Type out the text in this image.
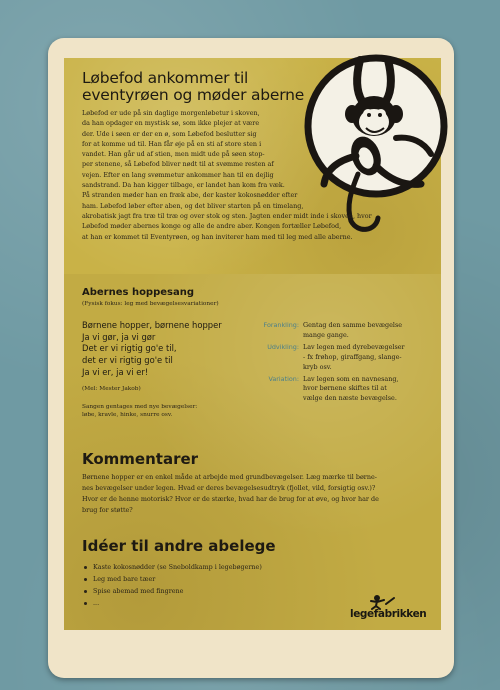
Løbefod ankommer til
eventyrøen og møder aberne

Løbefod er ude på sin daglige morgenløbetur i skoven,

da han opdager en mystisk sø, som ikke plejer at være

der. Ude i søen er der en ø, som Løbefod beslutter sig

for at komme ud til. Han får øje på en sti af store sten i

vandet. Han går ud af stien, men midt ude på søen stop-

per stenene, så Løbefod bliver nødt til at svømme resten af

vejen. Efter en lang svømmetur ankommer han til en dejlig

sandstrand. Da han kigger tilbage, er landet han kom fra væk.

På stranden møder han en fræk abe, der kaster kokosnødder efter

ham. Løbefod løber efter aben, og det bliver starten på en timelang,

akrobatisk jagt fra træ til træ og over stok og sten. Jagten ender midt inde i skoven, hvor

Løbefod møder abernes konge og alle de andre aber. Kongen fortæller Løbefod,

at han er kommet til Eventyrøen, og han inviterer ham med til leg med alle aberne.

Abernes hoppesang
(Fysisk fokus: leg med bevægelsesvariationer)
Børnene hopper, børnene hopper
Ja vi gør, ja vi gør
Det er vi rigtig go'e til,
det er vi rigtig go'e til
Ja vi er, ja vi er!
(Mel: Mester Jakob)
Sangen gentages med nye bevægelser:
løbe, kravle, hinke, snurre osv.
Forankling: Gentag den samme bevægelse
mange gange.
Udvikling: Lav legen med dyrebevægelser
- fx frøhop, giraffgang, slange-
kryb osv.
Variation: Lav legen som en navnesang,
hvor børnene skiftes til at
vælge den næste bevægelse.
Kommentarer

Børnene hopper er en enkel måde at arbejde med grundbevægelser. Læg mærke til børne-

nes bevægelser under legen. Hvad er deres bevægelsesudtryk (fjollet, vild, forsigtig osv.)?

Hvor er de henne motorisk? Hvor er de stærke, hvad har de brug for at øve, og hvor har de

brug for støtte?

Idéer til andre abelege
Kaste kokosnødder (se Sneboldkamp i legebøgerne)
Leg med bare tæer
Spise abemad med fingrene
...
legefabrikken
